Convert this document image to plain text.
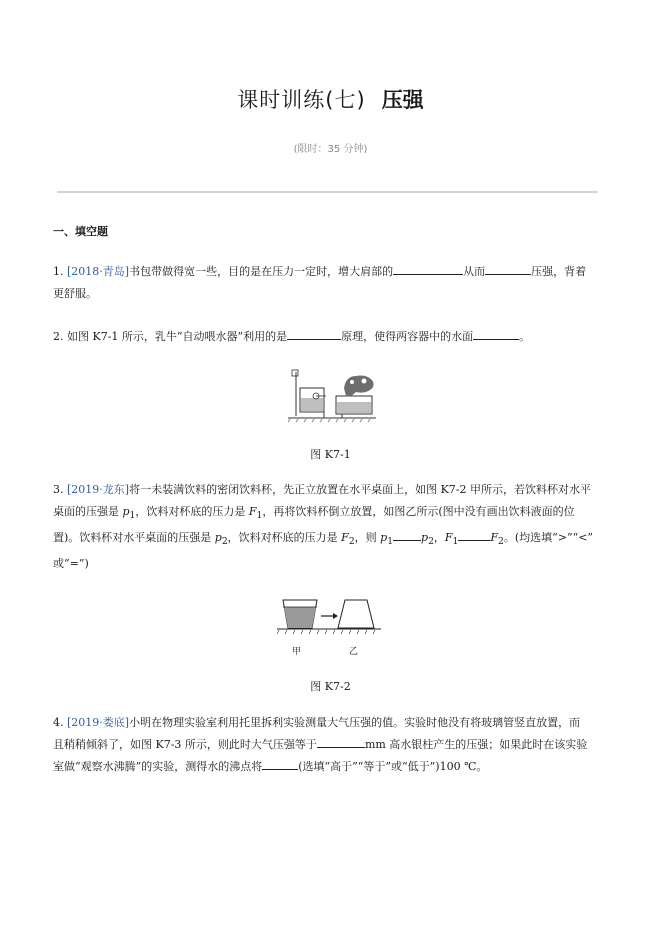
课时训练(七) 压强
(限时：35 分钟)
一、填空题
1. [2018·青岛]书包带做得宽一些，目的是在压力一定时，增大肩部的	从而	压强，背着
更舒服。
2. 如图 K7-1 所示，乳牛“自动喂水器”利用的是	原理，使得两容器中的水面	。
图 K7-1
3. [2019·龙东]将一未装满饮料的密闭饮料杯，先正立放置在水平桌面上，如图 K7-2 甲所示，若饮料杯对水平
桌面的压强是 $p_1$，饮料对杯底的压力是 $F_1$，再将饮料杯倒立放置，如图乙所示(图中没有画出饮料液面的位
置)。饮料杯对水平桌面的压强是 $p_2$，饮料对杯底的压力是 $F_2$，则 $p_1$	$p_2$，$F_1$	$F_2$。(均选填“>”“<”
或“=”)
甲	乙
图 K7-2
4. [2019·娄底]小明在物理实验室利用托里拆利实验测量大气压强的值。实验时他没有将玻璃管竖直放置，而
且稍稍倾斜了，如图 K7-3 所示，则此时大气压强等于	mm 高水银柱产生的压强；如果此时在该实验
室做“观察水沸腾”的实验，测得水的沸点将	(选填“高于”“等于”或“低于”)100 ℃。
